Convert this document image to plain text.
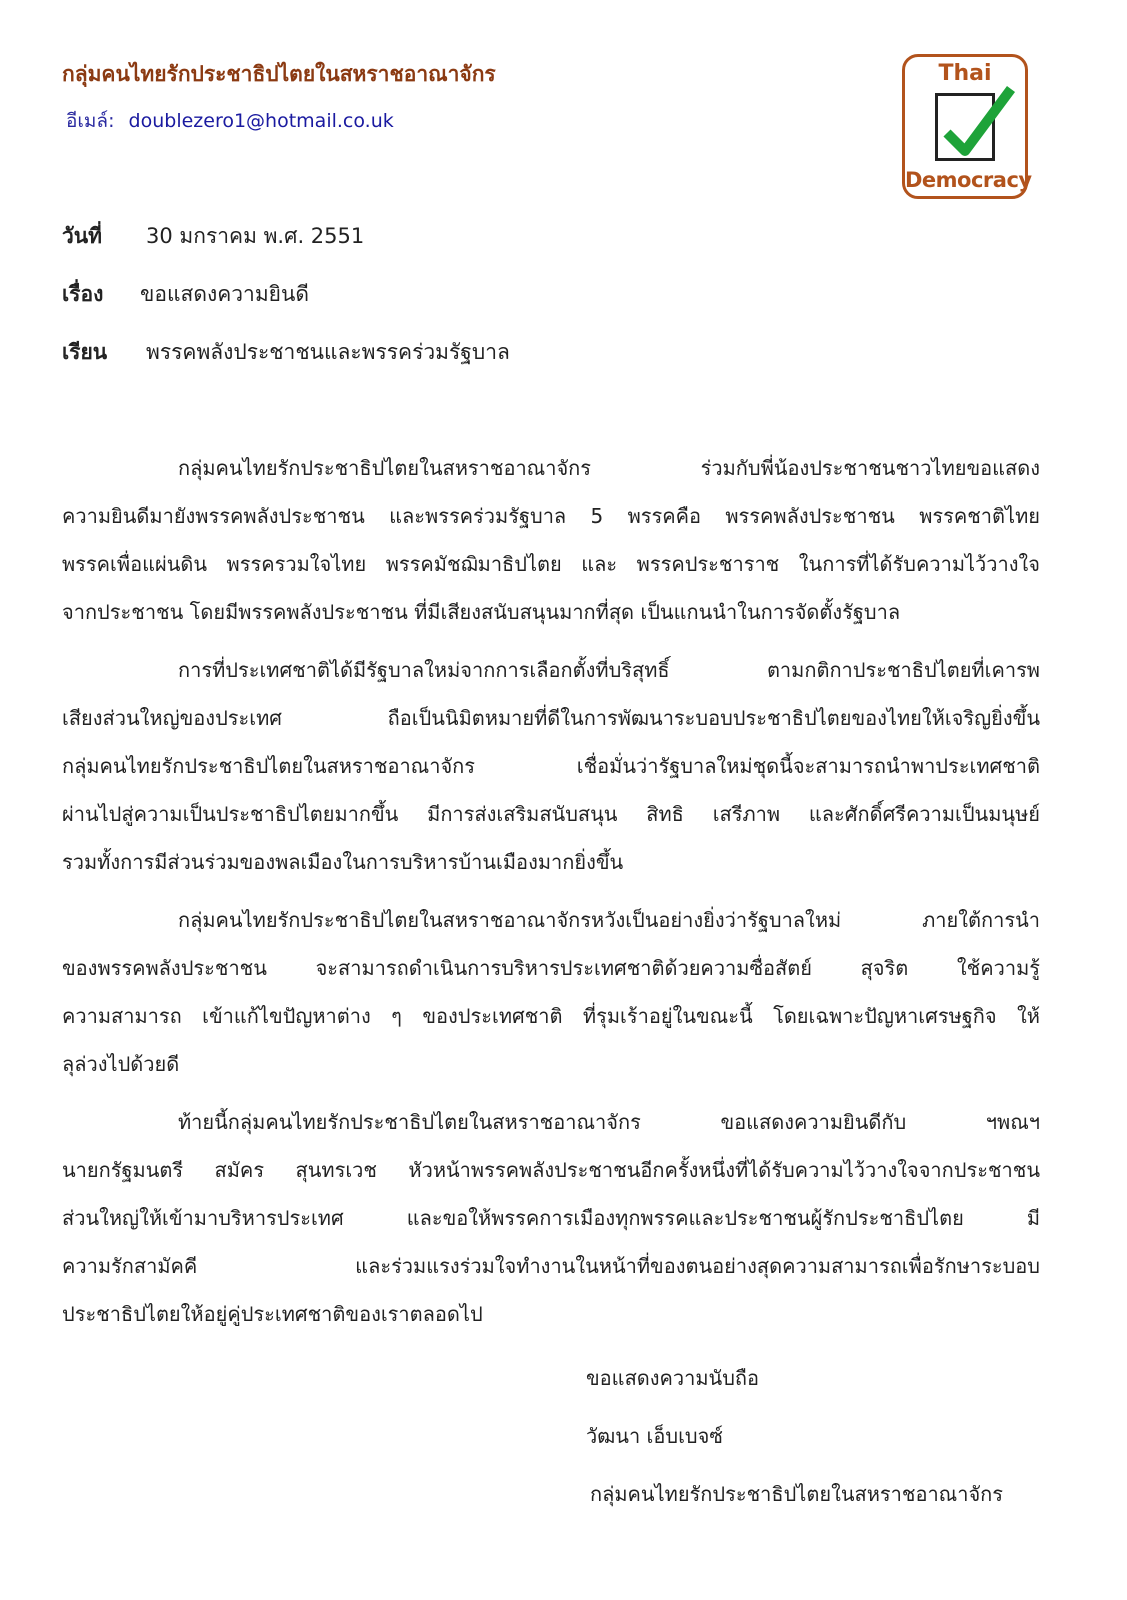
กลุ่มคนไทยรักประชาธิปไตยในสหราชอาณาจักร
อีเมล์: doublezero1@hotmail.co.uk
Thai
Democracy
วันที่ 30 มกราคม พ.ศ. 2551
เรื่อง ขอแสดงความยินดี
เรียน พรรคพลังประชาชนและพรรคร่วมรัฐบาล
กลุ่มคนไทยรักประชาธิปไตยในสหราชอาณาจักร ร่วมกับพี่น้องประชาชนชาวไทยขอแสดง
ความยินดีมายังพรรคพลังประชาชน และพรรคร่วมรัฐบาล 5 พรรคคือ พรรคพลังประชาชน พรรคชาติไทย
พรรคเพื่อแผ่นดิน พรรครวมใจไทย พรรคมัชฌิมาธิปไตย และ พรรคประชาราช ในการที่ได้รับความไว้วางใจ
จากประชาชน โดยมีพรรคพลังประชาชน ที่มีเสียงสนับสนุนมากที่สุด เป็นแกนนำในการจัดตั้งรัฐบาล
การที่ประเทศชาติได้มีรัฐบาลใหม่จากการเลือกตั้งที่บริสุทธิ์ ตามกติกาประชาธิปไตยที่เคารพ
เสียงส่วนใหญ่ของประเทศ ถือเป็นนิมิตหมายที่ดีในการพัฒนาระบอบประชาธิปไตยของไทยให้เจริญยิ่งขึ้น
กลุ่มคนไทยรักประชาธิปไตยในสหราชอาณาจักร เชื่อมั่นว่ารัฐบาลใหม่ชุดนี้จะสามารถนำพาประเทศชาติ
ผ่านไปสู่ความเป็นประชาธิปไตยมากขึ้น มีการส่งเสริมสนับสนุน สิทธิ เสรีภาพ และศักดิ์ศรีความเป็นมนุษย์
รวมทั้งการมีส่วนร่วมของพลเมืองในการบริหารบ้านเมืองมากยิ่งขึ้น
กลุ่มคนไทยรักประชาธิปไตยในสหราชอาณาจักรหวังเป็นอย่างยิ่งว่ารัฐบาลใหม่ ภายใต้การนำ
ของพรรคพลังประชาชน จะสามารถดำเนินการบริหารประเทศชาติด้วยความซื่อสัตย์ สุจริต ใช้ความรู้
ความสามารถ เข้าแก้ไขปัญหาต่าง ๆ ของประเทศชาติ ที่รุมเร้าอยู่ในขณะนี้ โดยเฉพาะปัญหาเศรษฐกิจ ให้
ลุล่วงไปด้วยดี
ท้ายนี้กลุ่มคนไทยรักประชาธิปไตยในสหราชอาณาจักร ขอแสดงความยินดีกับ ฯพณฯ
นายกรัฐมนตรี สมัคร สุนทรเวช หัวหน้าพรรคพลังประชาชนอีกครั้งหนึ่งที่ได้รับความไว้วางใจจากประชาชน
ส่วนใหญ่ให้เข้ามาบริหารประเทศ และขอให้พรรคการเมืองทุกพรรคและประชาชนผู้รักประชาธิปไตย มี
ความรักสามัคคี และร่วมแรงร่วมใจทำงานในหน้าที่ของตนอย่างสุดความสามารถเพื่อรักษาระบอบ
ประชาธิปไตยให้อยู่คู่ประเทศชาติของเราตลอดไป
ขอแสดงความนับถือ
วัฒนา เอ็บเบจซ์
กลุ่มคนไทยรักประชาธิปไตยในสหราชอาณาจักร
